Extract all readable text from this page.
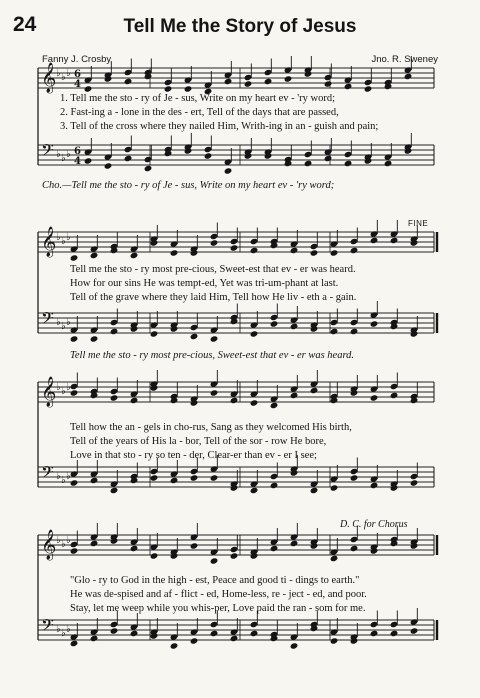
24	Tell Me the Story of Jesus
Fanny J. Crosby	Jno. R. Sweney
𝄞
𝄢
♭
♭
♭
♭
♭
♭
6
4
6
4
𝄞
𝄢
♭
♭
♭
♭
♭
♭
𝄞
𝄢
♭
♭
♭
♭
♭
♭
𝄞
𝄢
♭
♭
♭
♭
♭
♭
1. Tell me the sto - ry of Je - sus, Write on my heart ev - 'ry word;
2. Fast-ing a - lone in the des - ert, Tell of the days that are passed,
3. Tell of the cross where they nailed Him, Writh-ing in an - guish and pain;
Cho.—Tell me the sto - ry of Je - sus, Write on my heart ev - 'ry word;
FINE
Tell me the sto - ry most pre-cious, Sweet-est that ev - er was heard.
How for our sins He was tempt-ed, Yet was tri-um-phant at last.
Tell of the grave where they laid Him, Tell how He liv - eth a - gain.
Tell me the sto - ry most pre-cious, Sweet-est that ev - er was heard.
Tell how the an - gels in cho-rus, Sang as they welcomed His birth,
Tell of the years of His la - bor, Tell of the sor - row He bore,
Love in that sto - ry so ten - der, Clear-er than ev - er I see;
D. C. for Chorus
"Glo - ry to God in the high - est, Peace and good ti - dings to earth."
He was de-spised and af - flict - ed, Home-less, re - ject - ed, and poor.
Stay, let me weep while you whis-per, Love paid the ran - som for me.
